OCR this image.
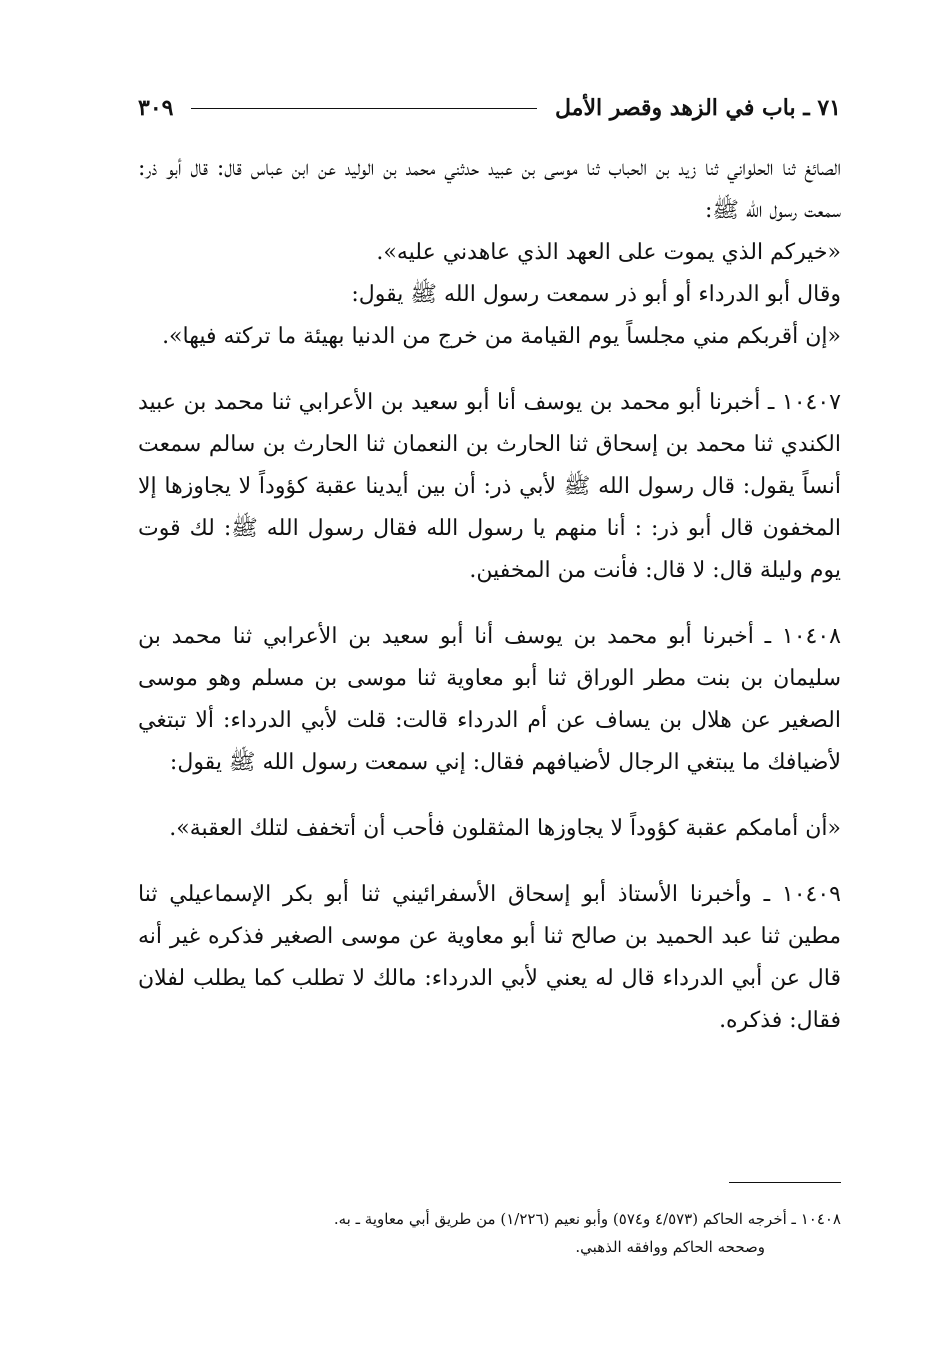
٧١ ـ باب في الزهد وقصر الأمل
٣٠٩

الصائغ ثنا الحلواني ثنا زيد بن الحباب ثنا موسى بن عبيد حدثني محمد بن الوليد عن ابن عباس قال: قال أبو ذر: سمعت رسول الله ﷺ:

«خيركم الذي يموت على العهد الذي عاهدني عليه».

وقال أبو الدرداء أو أبو ذر سمعت رسول الله ﷺ يقول:

«إن أقربكم مني مجلساً يوم القيامة من خرج من الدنيا بهيئة ما تركته فيها».

١٠٤٠٧ ـ أخبرنا أبو محمد بن يوسف أنا أبو سعيد بن الأعرابي ثنا محمد بن عبيد الكندي ثنا محمد بن إسحاق ثنا الحارث بن النعمان ثنا الحارث بن سالم سمعت أنساً يقول: قال رسول الله ﷺ لأبي ذر: أن بين أيدينا عقبة كؤوداً لا يجاوزها إلا المخفون قال أبو ذر: : أنا منهم يا رسول الله فقال رسول الله ﷺ: لك قوت يوم وليلة قال: لا قال: فأنت من المخفين.

١٠٤٠٨ ـ أخبرنا أبو محمد بن يوسف أنا أبو سعيد بن الأعرابي ثنا محمد بن سليمان بن بنت مطر الوراق ثنا أبو معاوية ثنا موسى بن مسلم وهو موسى الصغير عن هلال بن يساف عن أم الدرداء قالت: قلت لأبي الدرداء: ألا تبتغي لأضيافك ما يبتغي الرجال لأضيافهم فقال: إني سمعت رسول الله ﷺ يقول:

«أن أمامكم عقبة كؤوداً لا يجاوزها المثقلون فأحب أن أتخفف لتلك العقبة».

١٠٤٠٩ ـ وأخبرنا الأستاذ أبو إسحاق الأسفرائيني ثنا أبو بكر الإسماعيلي ثنا مطين ثنا عبد الحميد بن صالح ثنا أبو معاوية عن موسى الصغير فذكره غير أنه قال عن أبي الدرداء قال له يعني لأبي الدرداء: مالك لا تطلب كما يطلب لفلان فقال: فذكره.

١٠٤٠٨ ـ أخرجه الحاكم (٤/٥٧٣ و٥٧٤) وأبو نعيم (١/٢٢٦) من طريق أبي معاوية ـ به.

وصححه الحاكم ووافقه الذهبي.
